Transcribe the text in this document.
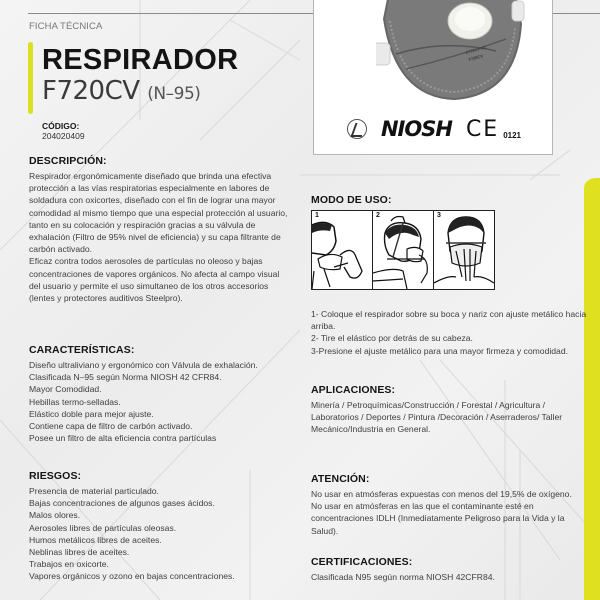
FICHA TÉCNICA
RESPIRADOR
F720CV (N–95)
CÓDIGO:
204020409
STEELPRO
F720CV
NIOSH CE 0121
DESCRIPCIÓN:

Respirador ergonómicamente diseñado que brinda una efectiva protección a las vías respiratorias especialmente en labores de soldadura con oxicortes, diseñado con el fin de lograr una mayor comodidad al mismo tiempo que una especial protección al usuario, tanto en su colocación y respiración gracias a su válvula de exhalación (Filtro de 95% nivel de eficiencia) y su capa filtrante de carbón activado.

Eficaz contra todos aerosoles de partículas no oleoso y bajas concentraciones de vapores orgánicos. No afecta al campo visual del usuario y permite el uso simultaneo de los otros accesorios (lentes y protectores auditivos Steelpro).

CARACTERÍSTICAS:
Diseño ultraliviano y ergonómico con Válvula de exhalación.
Clasificada N–95 según Norma NIOSH 42 CFR84.
Mayor Comodidad.
Hebillas termo-selladas.
Elástico doble para mejor ajuste.
Contiene capa de filtro de carbón activado.
Posee un filtro de alta eficiencia contra partículas
RIESGOS:
Presencia de material particulado.
Bajas concentraciones de algunos gases ácidos.
Malos olores.
Aerosoles libres de partículas oleosas.
Humos metálicos libres de aceites.
Neblinas libres de aceites.
Trabajos en oxicorte.
Vapores orgánicos y ozono en bajas concentraciones.
MODO DE USO:
1	2	3

1- Coloque el respirador sobre su boca y nariz con ajuste metálico hacia arriba.

2- Tire el elástico por detrás de su cabeza.

3-Presione el ajuste metálico para una mayor firmeza y comodidad.

APLICACIONES:

Minería / Petroquímicas/Construcción / Forestal / Agricultura / Laboratorios / Deportes / Pintura /Decoración / Aserraderos/ Taller Mecánico/Industria en General.

ATENCIÓN:

No usar en atmósferas expuestas con menos del 19,5% de oxígeno. No usar en atmósferas en las que el contaminante esté en concentraciones IDLH (Inmediatamente Peligroso para la Vida y la Salud).

CERTIFICACIONES:

Clasificada N95 según norma NIOSH 42CFR84.
